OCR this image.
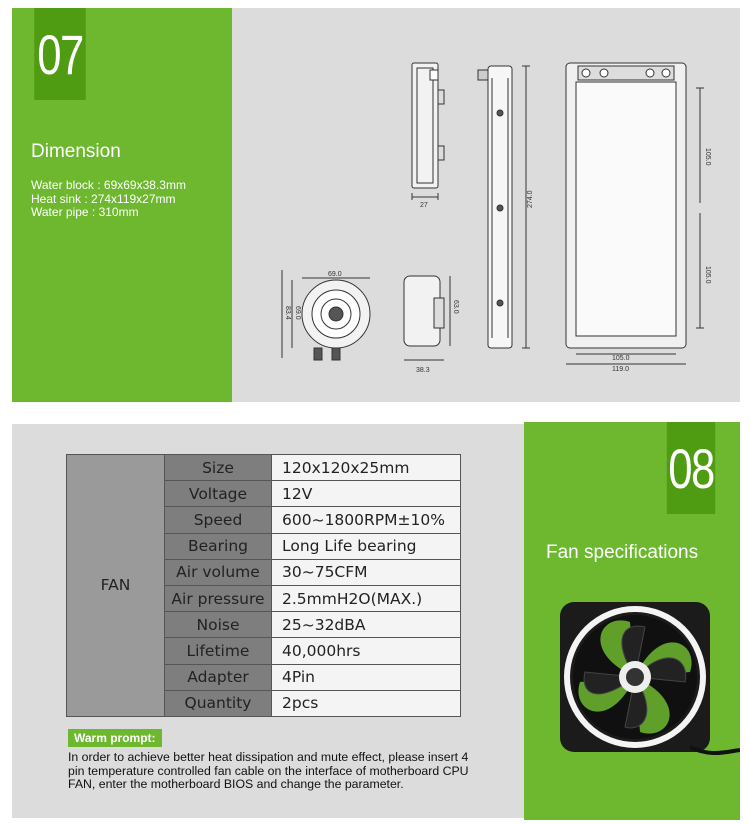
07
Dimension
Water block : 69x69x38.3mm
Heat sink : 274x119x27mm
Water pipe : 310mm	27	274.0
105.0
105.0
105.0
119.0
69.0
69.0
83.4	63.0
38.3
FAN	Size	120x120x25mm
	Voltage	12V
	Speed	600~1800RPM±10%
	Bearing	Long Life bearing
	Air volume	30~75CFM
	Air pressure	2.5mmH2O(MAX.)
	Noise	25~32dBA
	Lifetime	40,000hrs
	Adapter	4Pin
	Quantity	2pcs
Warm prompt:
In order to achieve better heat dissipation and mute effect, please insert 4 pin temperature controlled fan cable on the interface of motherboard CPU FAN, enter the motherboard BIOS and change the parameter.
08
Fan specifications
